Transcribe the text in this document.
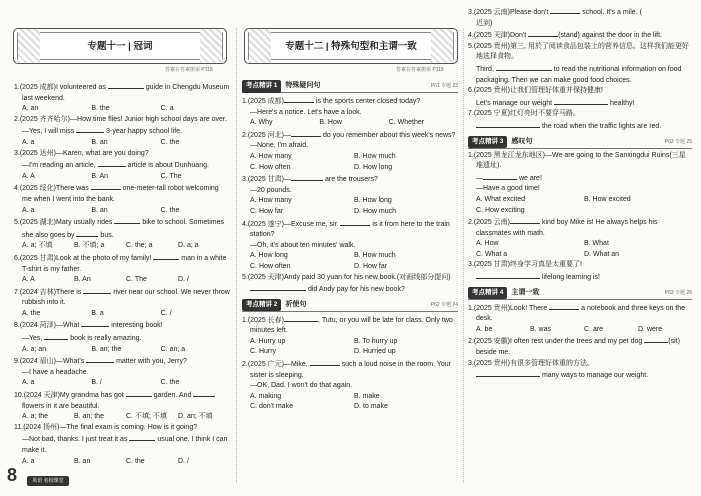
专题十一 | 冠词
答案在答案册第 P118

1.(2025 成都)I volunteered as	guide in Chengdu Museum last weekend.

A. an	B. the	C. a

2.(2025 齐齐哈尔)—How time flies! Junior high school days are over.

—Yes, I will miss	3-year happy school life.

A. a	B. an	C. the

3.(2025 达州)—Karen, what are you doing?

—I'm reading an article,	article is about Dunhuang.

A. A	B. An	C. The

4.(2025 绥化)There was	one-meter-tall robot welcoming me when I went into the bank.

A. a	B. an	C. the

5.(2025 湖北)Mary usually rides	bike to school. Sometimes she also goes by	bus.

A. a; 不填	B. 不填; a	C. the; a	D. a; a

6.(2025 甘肃)Look at the photo of my family!	man in a white T-shirt is my father.

A. A	B. An	C. The	D. /

7.(2024 吉林)There is	river near our school. We never throw rubbish into it.

A. the	B. a	C. /

8.(2024 菏泽)—What	interesting book!

—Yes,	book is really amazing.

A. a; an	B. an; the	C. an; a

9.(2024 眉山)—What's	matter with you, Jerry?

—I have a headache.

A. a	B. /	C. the

10.(2024 天津)My grandma has got	garden. And  flowers in it are beautiful.

A. a; the	B. an; the	C. 不填; 不填	D. an; 不填

11.(2024 扬州)—The final exam is coming. How is it going?

—Not bad, thanks. I just treat it as	usual one. I think I can make it.

A. a	B. an	C. the	D. /
专题十二 | 特殊句型和主谓一致
答案在答案册第 P119
考点精讲 1	特殊疑问句	P61 专题 23

1.(2025 成都)	is the sports center closed today?

—Here's a notice. Let's have a look.

A. Why	B. How	C. Whether

2.(2025 河北)—	do you remember about this week's news?

—None, I'm afraid.

A. How many	B. How much
C. How often	D. How long

3.(2025 甘肃)—	are the trousers?

—20 pounds.

A. How many	B. How long
C. How far	D. How much

4.(2025 遂宁)—Excuse me, sir.	is it from here to the train station?

—Oh, it's about ten minutes' walk.

A. How long	B. How much
C. How often	D. How far

5.(2025 天津)Andy paid 30 yuan for his new book.(对画线部分提问)

did Andy pay for his new book?

考点精讲 2	祈使句	P62 专题 24

1.(2025 长春)	, Tutu, or you will be late for class. Only two minutes left.

A. Hurry up	B. To hurry up
C. Hurry	D. Hurried up

2.(2025 广元)—Mike,	such a loud noise in the room. Your sister is sleeping.

—OK, Dad. I won't do that again.

A. making	B. make
C. don't make	D. to make

3.(2025 云南)Please don't	school. It's a mile. (

迟到)

4.(2025 天津)Don't	(stand) against the door in the lift.

5.(2025 贵州)第三, 用於了阅读食品包装上的营养信息。这样我们能更好地选择食物。

Third,	to read the nutritional information on food packaging. Then we can make good food choices.

6.(2025 贵州)让我们管理好体重并保持健康!

Let's manage our weight	healthy!

7.(2025 宁夏)红灯亮时不要穿马路。

the road when the traffic lights are red.

考点精讲 3	感叹句	P63 专题 25

1.(2025 黑龙江龙东地区)—We are going to the Sanxingdui Ruins(三星堆遗址).

—	we are!

—Have a good time!

A. What excited	B. How excited
C. How exciting

2.(2025 云南)	kind boy Mike is! He always helps his classmates with math.

A. How	B. What
C. What a	D. What an

3.(2025 甘肃)终身学习真是太重要了!

lifelong learning is!

考点精讲 4	主谓一致	P63 专题 26

1.(2025 贵州)Look! There	a notebook and three keys on the desk.

A. be	B. was	C. are	D. were

2.(2025 安徽)I often rest under the trees and my pet dog	(sit) beside me.

3.(2025 贵州)有很多管理好体重的方法。

many ways to manage our weight.

8	英语 名校课堂
